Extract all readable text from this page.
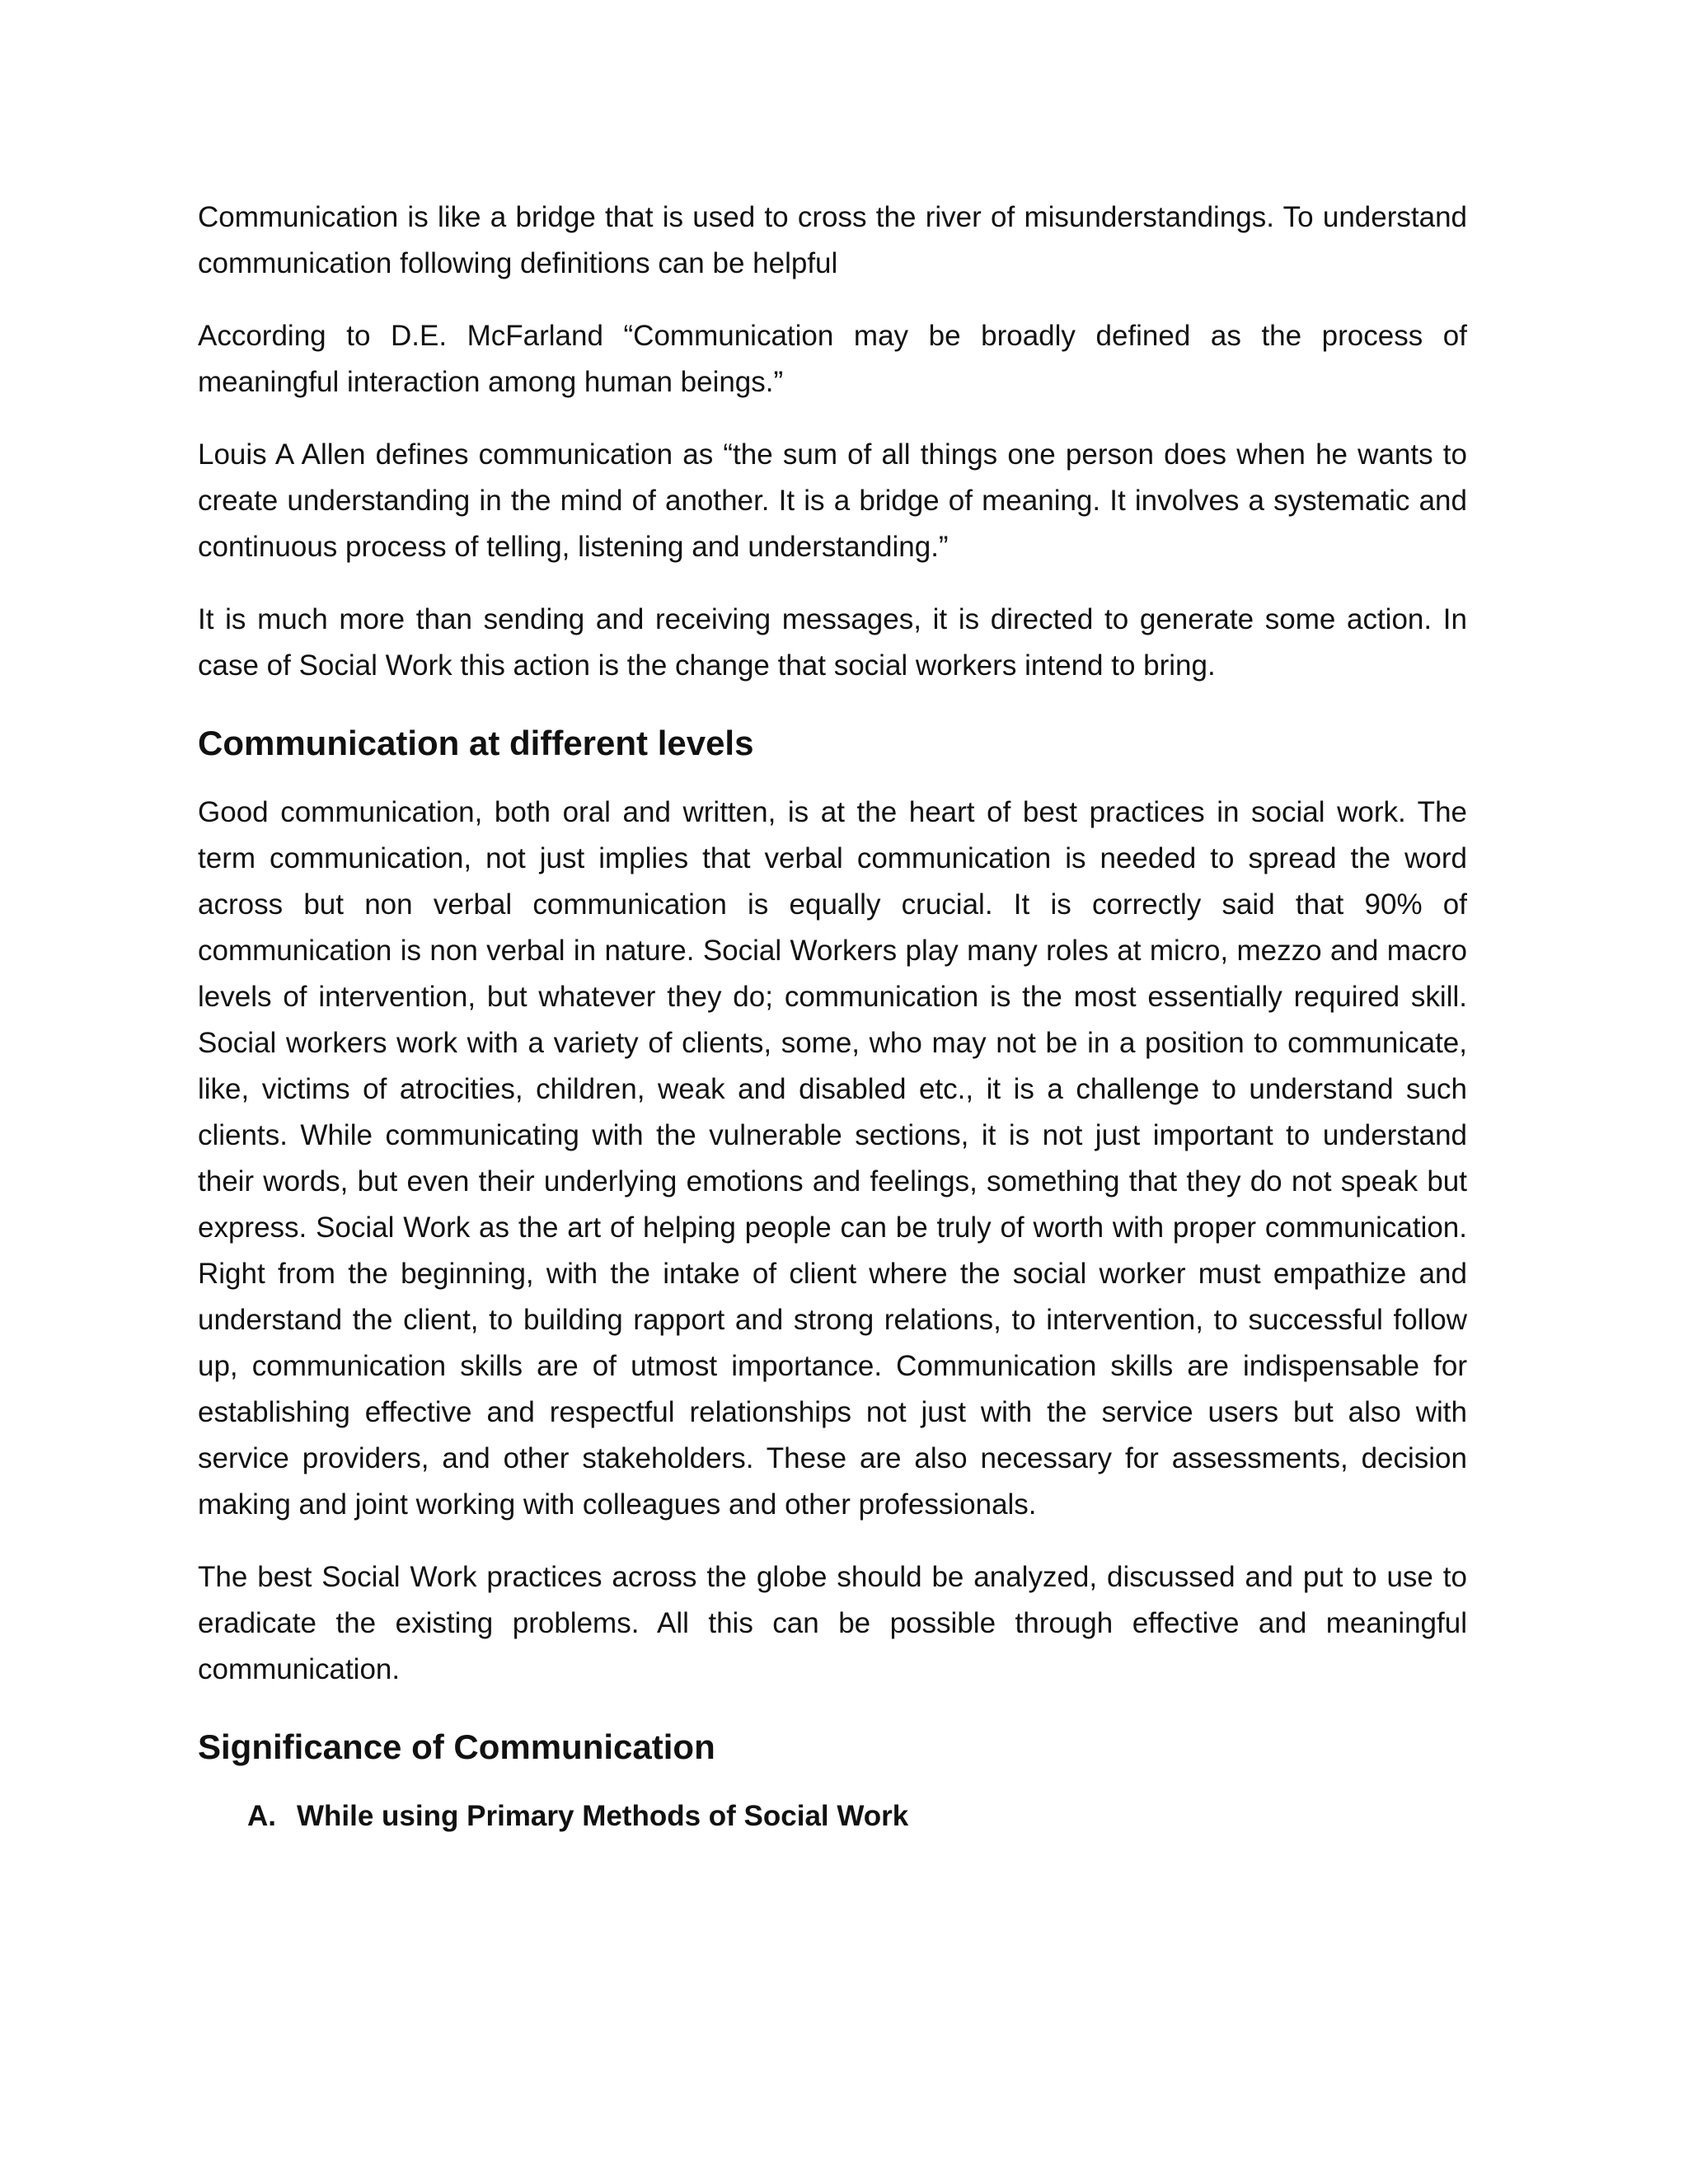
Communication is like a bridge that is used to cross the river of misunderstandings. To understand communication following definitions can be helpful

According to D.E. McFarland “Communication may be broadly defined as the process of meaningful interaction among human beings.”

Louis A Allen defines communication as “the sum of all things one person does when he wants to create understanding in the mind of another. It is a bridge of meaning. It involves a systematic and continuous process of telling, listening and understanding.”

It is much more than sending and receiving messages, it is directed to generate some action. In case of Social Work this action is the change that social workers intend to bring.

Communication at different levels

Good communication, both oral and written, is at the heart of best practices in social work. The term communication, not just implies that verbal communication is needed to spread the word across but non verbal communication is equally crucial. It is correctly said that 90% of communication is non verbal in nature. Social Workers play many roles at micro, mezzo and macro levels of intervention, but whatever they do; communication is the most essentially required skill. Social workers work with a variety of clients, some, who may not be in a position to communicate, like, victims of atrocities, children, weak and disabled etc., it is a challenge to understand such clients. While communicating with the vulnerable sections, it is not just important to understand their words, but even their underlying emotions and feelings, something that they do not speak but express. Social Work as the art of helping people can be truly of worth with proper communication. Right from the beginning, with the intake of client where the social worker must empathize and understand the client, to building rapport and strong relations, to intervention, to successful follow up, communication skills are of utmost importance. Communication skills are indispensable for establishing effective and respectful relationships not just with the service users but also with service providers, and other stakeholders. These are also necessary for assessments, decision making and joint working with colleagues and other professionals.

The best Social Work practices across the globe should be analyzed, discussed and put to use to eradicate the existing problems. All this can be possible through effective and meaningful communication.

Significance of Communication
A. While using Primary Methods of Social Work
